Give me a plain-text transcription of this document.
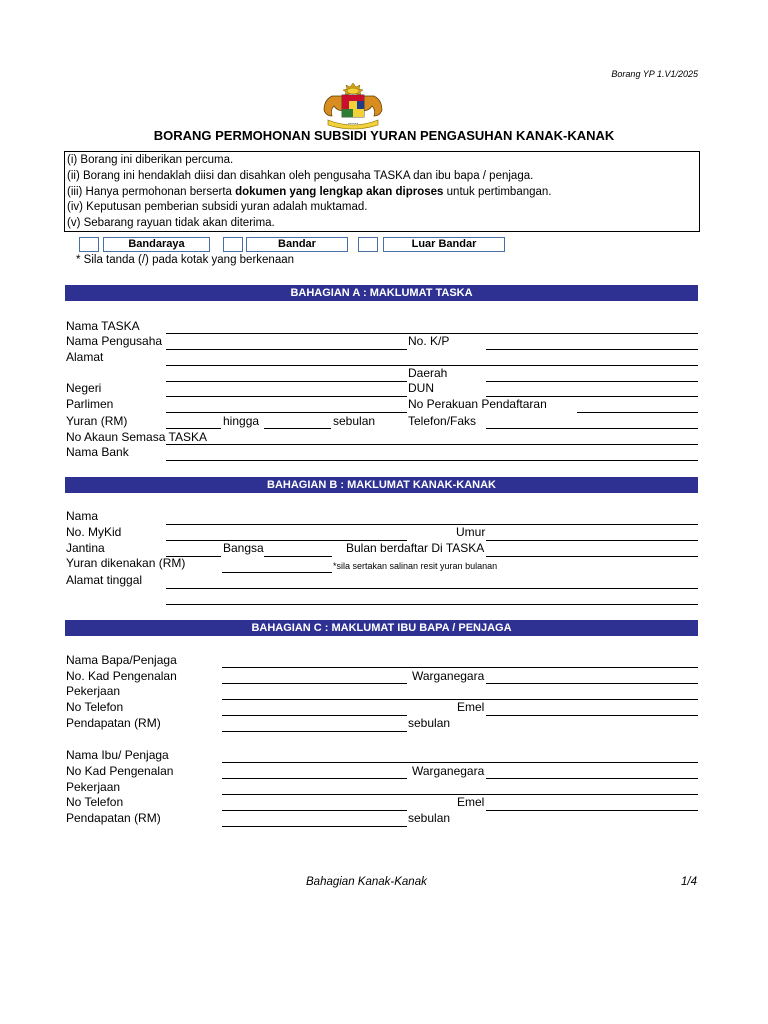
Borang YP 1.V1/2025
•••••
BORANG PERMOHONAN SUBSIDI YURAN PENGASUHAN KANAK-KANAK
(i) Borang ini diberikan percuma.
(ii) Borang ini hendaklah diisi dan disahkan oleh pengusaha TASKA dan ibu bapa / penjaga.
(iii) Hanya permohonan berserta dokumen yang lengkap akan diproses untuk pertimbangan.
(iv) Keputusan pemberian subsidi yuran adalah muktamad.
(v) Sebarang rayuan tidak akan diterima.
Bandaraya	Bandar	Luar Bandar
* Sila tanda (/) pada kotak yang berkenaan
BAHAGIAN A : MAKLUMAT TASKA
Nama TASKA
Nama Pengusaha	No. K/P
Alamat
Daerah
Negeri	DUN
Parlimen	No Perakuan Pendaftaran
Yuran (RM)	hingga	sebulan	Telefon/Faks
No Akaun Semasa TASKA
Nama Bank
BAHAGIAN B : MAKLUMAT KANAK-KANAK
Nama
No. MyKid	Umur
Jantina	Bangsa	Bulan berdaftar Di TASKA
Yuran dikenakan (RM)	*sila sertakan salinan resit yuran bulanan
Alamat tinggal
BAHAGIAN C : MAKLUMAT IBU BAPA / PENJAGA
Nama Bapa/Penjaga
No. Kad Pengenalan	Warganegara
Pekerjaan
No Telefon	Emel
Pendapatan (RM)	sebulan
Nama Ibu/ Penjaga
No Kad Pengenalan	Warganegara
Pekerjaan
No Telefon	Emel
Pendapatan (RM)	sebulan
Bahagian Kanak-Kanak	1/4
